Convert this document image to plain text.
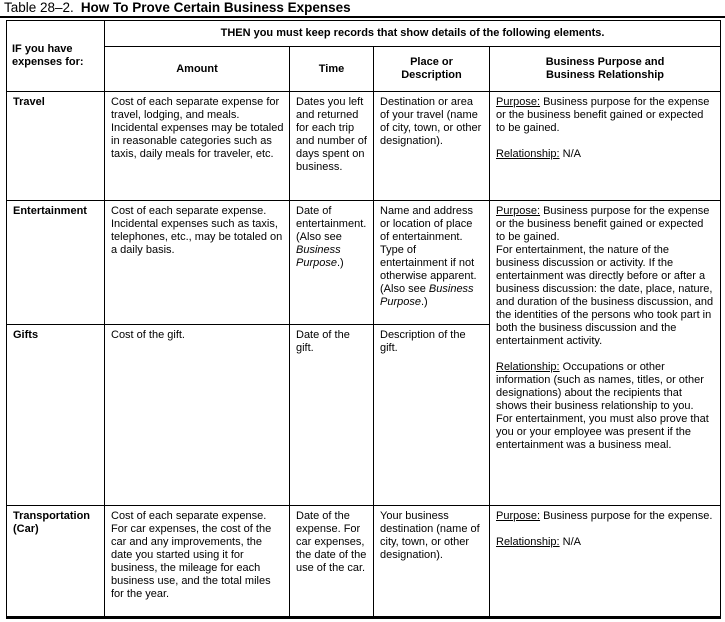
Table 28–2. How To Prove Certain Business Expenses
IF you have expenses for:	THEN you must keep records that show details of the following elements.			
	Amount	Time	Place or Description	Business Purpose and Business Relationship

Travel	Cost of each separate expense for travel, lodging, and meals. Incidental expenses may be totaled in reasonable categories such as taxis, daily meals for traveler, etc.	Dates you left and returned for each trip and number of days spent on business.	Destination or area of your travel (name of city, town, or other designation).	Purpose: Business purpose for the expense or the business benefit gained or expected to be gained.

Relationship: N/A

Entertainment	Cost of each separate expense. Incidental expenses such as taxis, telephones, etc., may be totaled on a daily basis.	Date of entertainment. (Also see Business Purpose.)	Name and address or location of place of entertainment. Type of entertainment if not otherwise apparent. (Also see Business Purpose.)	Purpose: Business purpose for the expense or the business benefit gained or expected to be gained.

For entertainment, the nature of the business discussion or activity. If the entertainment was directly before or after a business discussion: the date, place, nature, and duration of the business discussion, and the identities of the persons who took part in both the business discussion and the entertainment activity.

Relationship: Occupations or other information (such as names, titles, or other designations) about the recipients that shows their business relationship to you.

For entertainment, you must also prove that you or your employee was present if the entertainment was a business meal.

Gifts	Cost of the gift.	Date of the gift.	Description of the gift.	
Transportation (Car)	Cost of each separate expense. For car expenses, the cost of the car and any improvements, the date you started using it for business, the mileage for each business use, and the total miles for the year.	Date of the expense. For car expenses, the date of the use of the car.	Your business destination (name of city, town, or other designation).	Purpose: Business purpose for the expense.

Relationship: N/A
